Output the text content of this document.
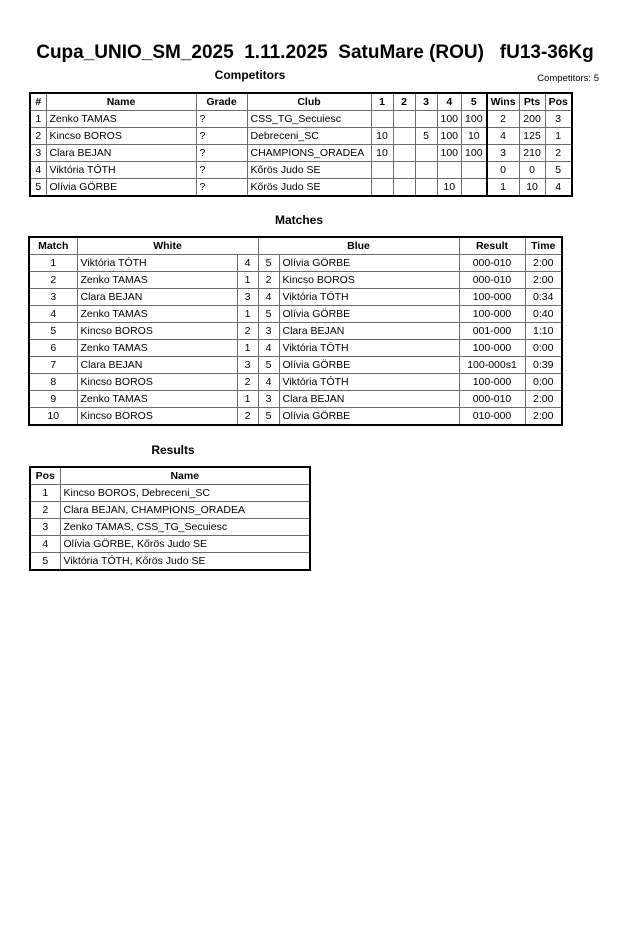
Cupa_UNIO_SM_2025  1.11.2025  SatuMare (ROU)   fU13-36Kg
Competitors	Competitors: 5
#	Name	Grade	Club	1	2	3	4	5	Wins	Pts	Pos
1	Zenko TAMAS	?	CSS_TG_Secuiesc				100	100	2	200	3
2	Kincso BOROS	?	Debreceni_SC	10		5	100	10	4	125	1
3	Clara BEJAN	?	CHAMPIONS_ORADEA	10			100	100	3	210	2
4	Viktória TÓTH	?	Kőrös Judo SE						0	0	5
5	Olívia GÖRBE	?	Kőrös Judo SE				10		1	10	4
Matches
Match	White		Blue		Result	Time
1	Viktória TÓTH	4	5	Olívia GÖRBE	000-010	2:00
2	Zenko TAMAS	1	2	Kincso BOROS	000-010	2:00
3	Clara BEJAN	3	4	Viktória TÓTH	100-000	0:34
4	Zenko TAMAS	1	5	Olívia GÖRBE	100-000	0:40
5	Kincso BOROS	2	3	Clara BEJAN	001-000	1:10
6	Zenko TAMAS	1	4	Viktória TÓTH	100-000	0:00
7	Clara BEJAN	3	5	Olívia GÖRBE	100-000s1	0:39
8	Kincso BOROS	2	4	Viktória TÓTH	100-000	0:00
9	Zenko TAMAS	1	3	Clara BEJAN	000-010	2:00
10	Kincso BOROS	2	5	Olívia GÖRBE	010-000	2:00
Results
Pos	Name
1	Kincso BOROS, Debreceni_SC
2	Clara BEJAN, CHAMPIONS_ORADEA
3	Zenko TAMAS, CSS_TG_Secuiesc
4	Olívia GÖRBE, Kőrös Judo SE
5	Viktória TÓTH, Kőrös Judo SE
